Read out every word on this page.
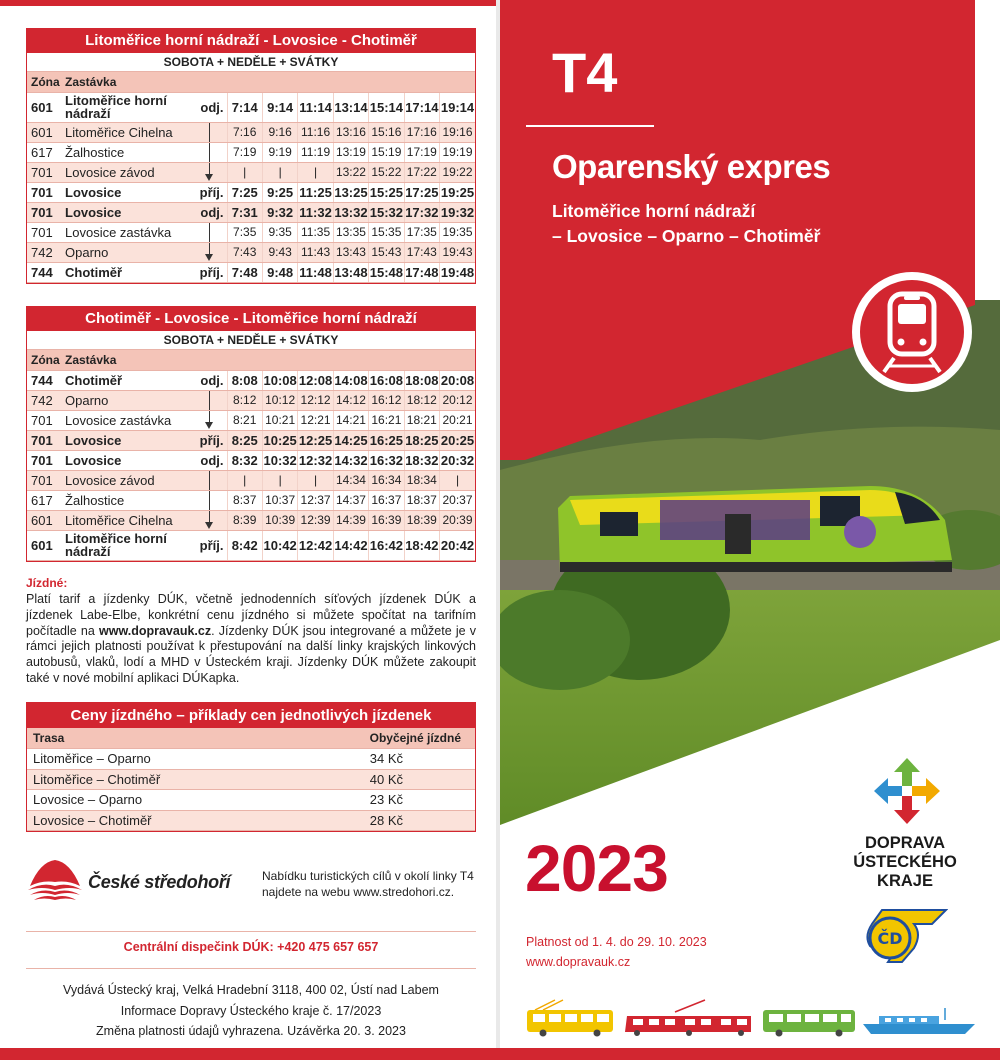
Litoměřice horní nádraží - Lovosice - Chotiměř
SOBOTA + NEDĚLE + SVÁTKY
Zóna	Zastávka								
601	Litoměřice horní nádraží	odj.	7:14	9:14	11:14	13:14	15:14	17:14	19:14
601	Litoměřice Cihelna		7:16	9:16	11:16	13:16	15:16	17:16	19:16
617	Žalhostice		7:19	9:19	11:19	13:19	15:19	17:19	19:19
701	Lovosice závod		|	|	|	13:22	15:22	17:22	19:22
701	Lovosice	příj.	7:25	9:25	11:25	13:25	15:25	17:25	19:25
701	Lovosice	odj.	7:31	9:32	11:32	13:32	15:32	17:32	19:32
701	Lovosice zastávka		7:35	9:35	11:35	13:35	15:35	17:35	19:35
742	Oparno		7:43	9:43	11:43	13:43	15:43	17:43	19:43
744	Chotiměř	příj.	7:48	9:48	11:48	13:48	15:48	17:48	19:48
Chotiměř - Lovosice - Litoměřice horní nádraží
SOBOTA + NEDĚLE + SVÁTKY
Zóna	Zastávka								
744	Chotiměř	odj.	8:08	10:08	12:08	14:08	16:08	18:08	20:08
742	Oparno		8:12	10:12	12:12	14:12	16:12	18:12	20:12
701	Lovosice zastávka		8:21	10:21	12:21	14:21	16:21	18:21	20:21
701	Lovosice	příj.	8:25	10:25	12:25	14:25	16:25	18:25	20:25
701	Lovosice	odj.	8:32	10:32	12:32	14:32	16:32	18:32	20:32
701	Lovosice závod		|	|	|	14:34	16:34	18:34	|
617	Žalhostice		8:37	10:37	12:37	14:37	16:37	18:37	20:37
601	Litoměřice Cihelna		8:39	10:39	12:39	14:39	16:39	18:39	20:39
601	Litoměřice horní nádraží	příj.	8:42	10:42	12:42	14:42	16:42	18:42	20:42
Jízdné:
Platí tarif a jízdenky DÚK, včetně jednodenních síťových jízdenek DÚK a jízdenek Labe-Elbe, konkrétní cenu jízdného si můžete spočítat na tarifním počítadle na www.dopravauk.cz. Jízdenky DÚK jsou integrované a můžete je v rámci jejich platnosti používat k přestupování na další linky krajských linkových autobusů, vlaků, lodí a MHD v Ústeckém kraji. Jízdenky DÚK můžete zakoupit také v nové mobilní aplikaci DÚKapka.
Ceny jízdného – příklady cen jednotlivých jízdenek
Trasa	Obyčejné jízdné
Litoměřice – Oparno	34 Kč
Litoměřice – Chotiměř	40 Kč
Lovosice – Oparno	23 Kč
Lovosice – Chotiměř	28 Kč
České středohoří	Nabídku turistických cílů v okolí linky T4
najdete na webu www.stredohori.cz.
Centrální dispečink DÚK: +420 475 657 657
Vydává Ústecký kraj, Velká Hradební 3118, 400 02, Ústí nad Labem
Informace Dopravy Ústeckého kraje č. 17/2023
Změna platnosti údajů vyhrazena. Uzávěrka 20. 3. 2023
T4
Oparenský expres
Litoměřice horní nádraží
– Lovosice – Oparno – Chotiměř
2023
Platnost od 1. 4. do 29. 10. 2023
www.dopravauk.cz
DOPRAVA
ÚSTECKÉHO
KRAJE
ČD
